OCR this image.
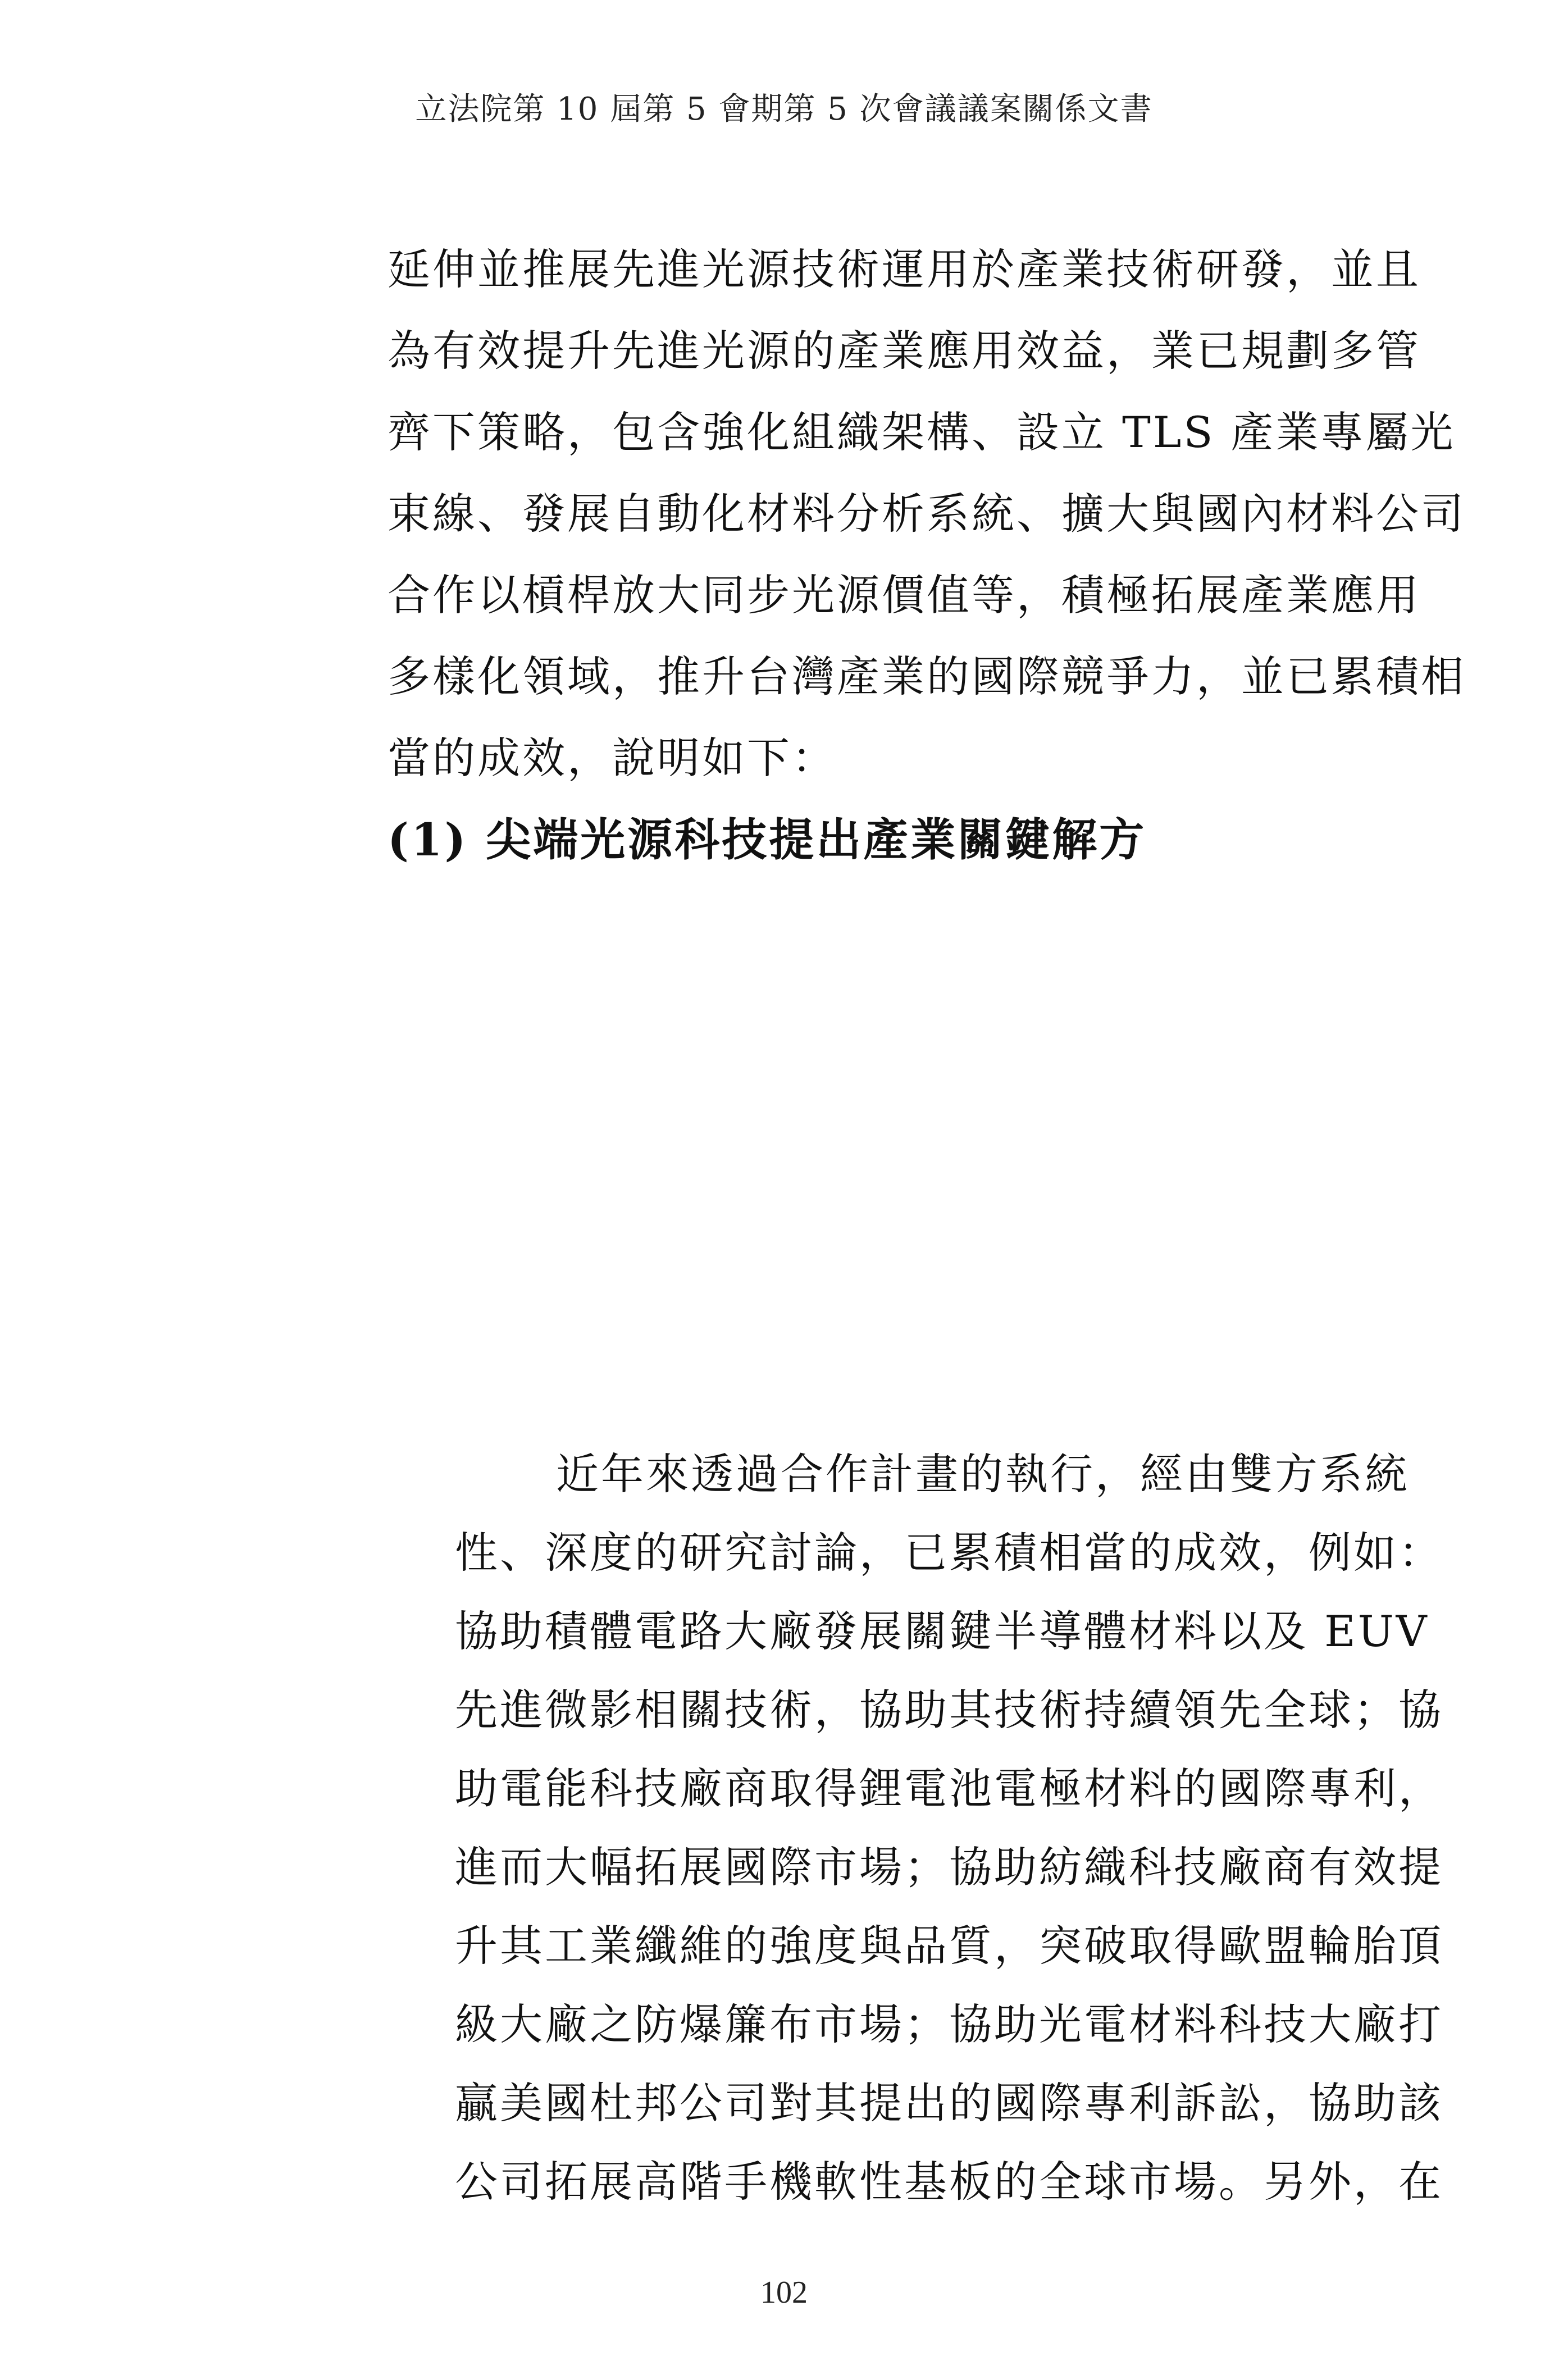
立法院第 10 屆第 5 會期第 5 次會議議案關係文書
延伸並推展先進光源技術運用於產業技術研發，並且
為有效提升先進光源的產業應用效益，業已規劃多管
齊下策略，包含強化組織架構、設立 TLS 產業專屬光
束線、發展自動化材料分析系統、擴大與國內材料公司
合作以槓桿放大同步光源價值等，積極拓展產業應用
多樣化領域，推升台灣產業的國際競爭力，並已累積相
當的成效，說明如下：
(1) 尖端光源科技提出產業關鍵解方
近年來透過合作計畫的執行，經由雙方系統
性、深度的研究討論，已累積相當的成效，例如：
協助積體電路大廠發展關鍵半導體材料以及 EUV
先進微影相關技術，協助其技術持續領先全球；協
助電能科技廠商取得鋰電池電極材料的國際專利，
進而大幅拓展國際市場；協助紡織科技廠商有效提
升其工業纖維的強度與品質，突破取得歐盟輪胎頂
級大廠之防爆簾布市場；協助光電材料科技大廠打
贏美國杜邦公司對其提出的國際專利訴訟，協助該
公司拓展高階手機軟性基板的全球市場。另外，在
102
